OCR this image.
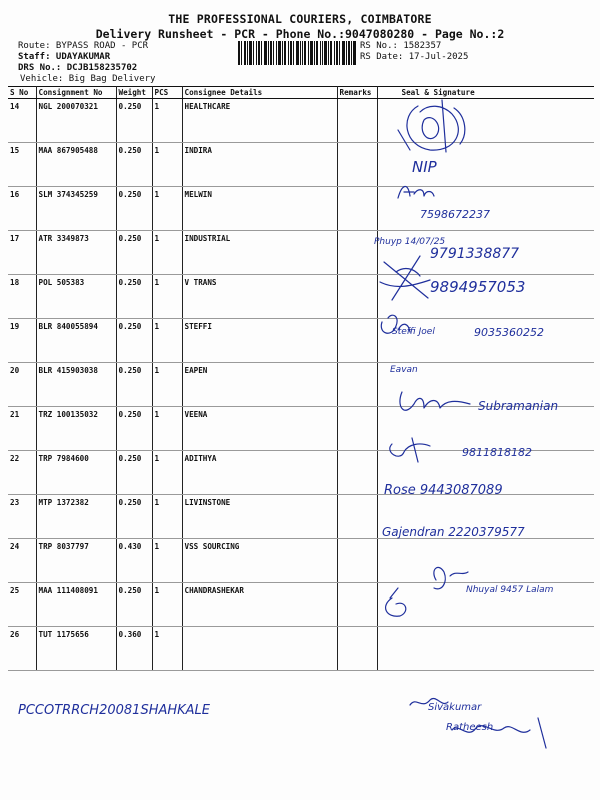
THE PROFESSIONAL COURIERS, COIMBATORE
Delivery Runsheet - PCR - Phone No.:9047080280 - Page No.:2
Route: BYPASS ROAD - PCR
Staff: UDAYAKUMAR
DRS No.: DCJB158235702
Vehicle: Big Bag Delivery
RS No.: 1582357
RS Date: 17-Jul-2025
S No	Consignment No	Weight	PCS	Consignee Details	Remarks	Seal & Signature
14	NGL 200070321	0.250	1	HEALTHCARE		
15	MAA 867905488	0.250	1	INDIRA		
16	SLM 374345259	0.250	1	MELWIN		
17	ATR 3349873	0.250	1	INDUSTRIAL		
18	POL 505383	0.250	1	V TRANS		
19	BLR 840055894	0.250	1	STEFFI		
20	BLR 415903038	0.250	1	EAPEN		
21	TRZ 100135032	0.250	1	VEENA		
22	TRP 7984600	0.250	1	ADITHYA		
23	MTP 1372382	0.250	1	LIVINSTONE		
24	TRP 8037797	0.430	1	VSS SOURCING		
25	MAA 111408091	0.250	1	CHANDRASHEKAR		
26	TUT 1175656	0.360	1			
NIP
7598672237
Phuyp 14/07/25
9791338877
9894957053
Steffi Joel	9035360252
Eavan
Subramanian
9811818182
Rose 9443087089
Gajendran 2220379577
Nhuyal 9457 Lalam
PCCOTRRCH20081SHAHKALE	Sivakumar
Ratheesh
